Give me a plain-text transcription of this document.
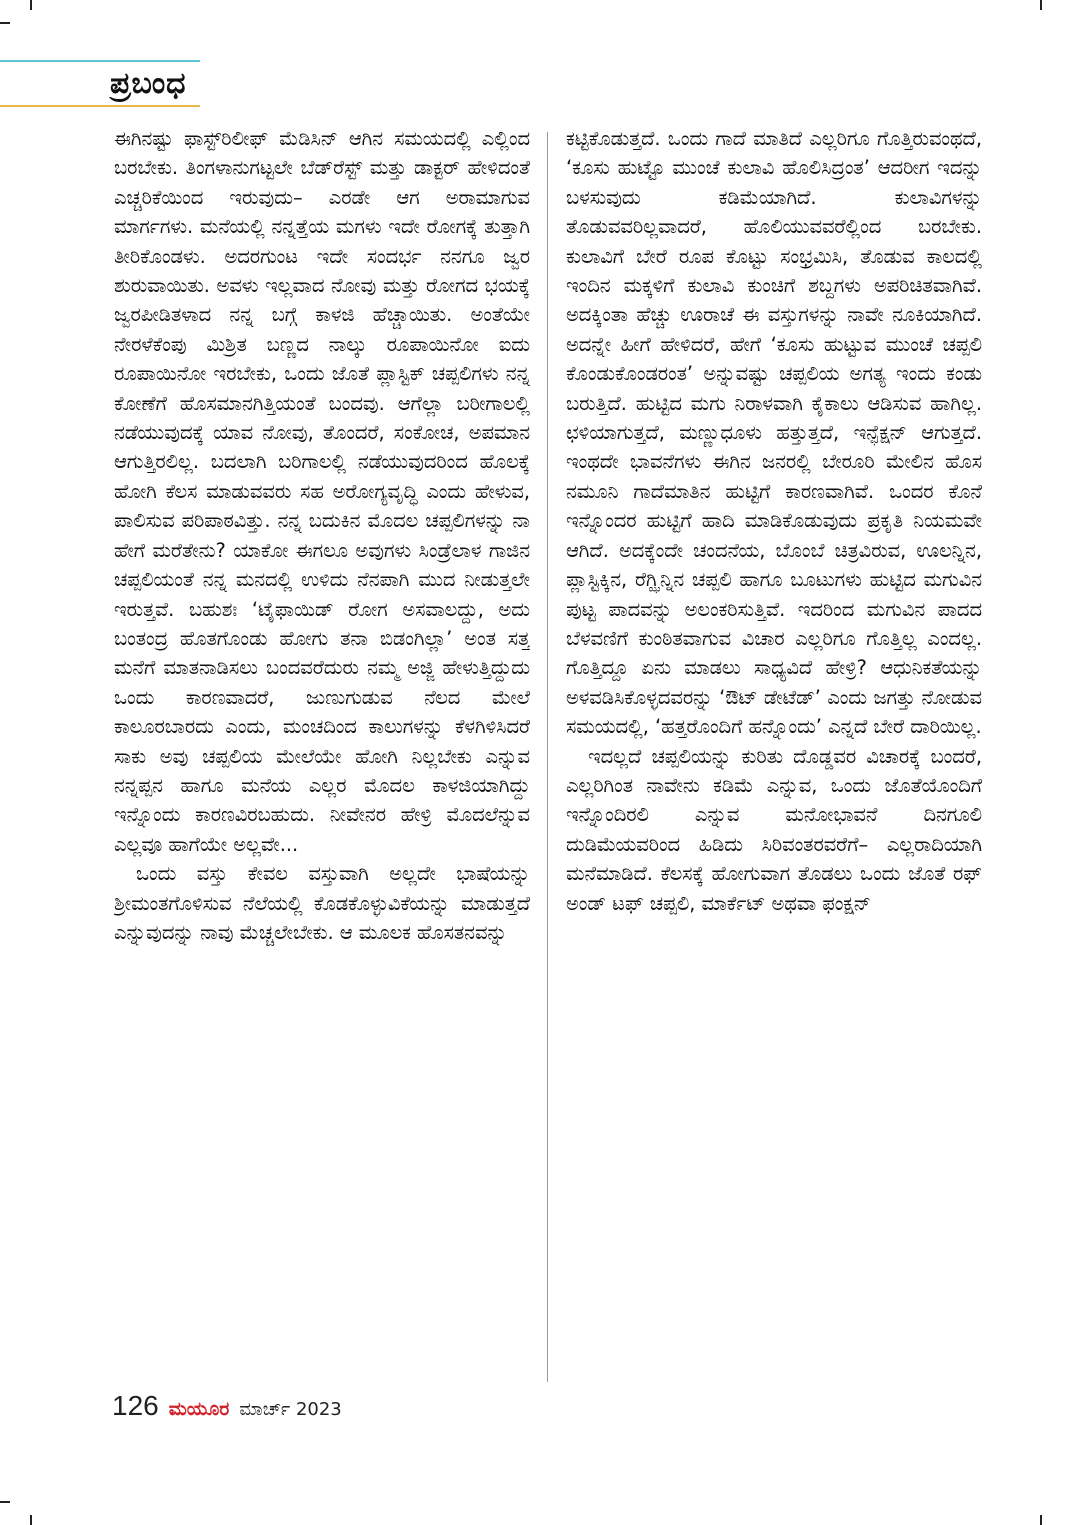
ಪ್ರಬಂಧ

ಈಗಿನಷ್ಟು ಫಾಸ್ಟ್‌ರಿಲೀಫ್ ಮೆಡಿಸಿನ್ ಆಗಿನ ಸಮಯದಲ್ಲಿ ಎಲ್ಲಿಂದ ಬರಬೇಕು. ತಿಂಗಳಾನುಗಟ್ಟಲೇ ಬೆಡ್‌ರೆಸ್ಟ್ ಮತ್ತು ಡಾಕ್ಟರ್ ಹೇಳಿದಂತೆ ಎಚ್ಚರಿಕೆಯಿಂದ ಇರುವುದು– ಎರಡೇ ಆಗ ಅರಾಮಾಗುವ ಮಾರ್ಗಗಳು. ಮನೆಯಲ್ಲಿ ನನ್ನತ್ತೆಯ ಮಗಳು ಇದೇ ರೋಗಕ್ಕೆ ತುತ್ತಾಗಿ ತೀರಿಕೊಂಡಳು. ಅದರಗುಂಟ ಇದೇ ಸಂದರ್ಭ ನನಗೂ ಜ್ವರ ಶುರುವಾಯಿತು. ಅವಳು ಇಲ್ಲವಾದ ನೋವು ಮತ್ತು ರೋಗದ ಭಯಕ್ಕೆ ಜ್ವರಪೀಡಿತಳಾದ ನನ್ನ ಬಗ್ಗೆ ಕಾಳಜಿ ಹೆಚ್ಚಾಯಿತು. ಅಂತೆಯೇ ನೇರಳೆಕೆಂಪು ಮಿಶ್ರಿತ ಬಣ್ಣದ ನಾಲ್ಕು ರೂಪಾಯಿನೋ ಐದು ರೂಪಾಯಿನೋ ಇರಬೇಕು, ಒಂದು ಜೊತೆ ಪ್ಲಾಸ್ಟಿಕ್ ಚಪ್ಪಲಿಗಳು ನನ್ನ ಕೋಣೆಗೆ ಹೊಸಮಾನಗಿತ್ತಿಯಂತೆ ಬಂದವು. ಆಗೆಲ್ಲಾ ಬರೀಗಾಲಲ್ಲಿ ನಡೆಯುವುದಕ್ಕೆ ಯಾವ ನೋವು, ತೊಂದರೆ, ಸಂಕೋಚ, ಅಪಮಾನ ಆಗುತ್ತಿರಲಿಲ್ಲ. ಬದಲಾಗಿ ಬರಿಗಾಲಲ್ಲಿ ನಡೆಯುವುದರಿಂದ ಹೊಲಕ್ಕೆ ಹೋಗಿ ಕೆಲಸ ಮಾಡುವವರು ಸಹ ಅರೋಗ್ಯವೃದ್ಧಿ ಎಂದು ಹೇಳುವ, ಪಾಲಿಸುವ ಪರಿಪಾಠವಿತ್ತು. ನನ್ನ ಬದುಕಿನ ಮೊದಲ ಚಪ್ಪಲಿಗಳನ್ನು ನಾ ಹೇಗೆ ಮರೆತೇನು? ಯಾಕೋ ಈಗಲೂ ಅವುಗಳು ಸಿಂಡ್ರೆಲಾಳ ಗಾಜಿನ ಚಪ್ಪಲಿಯಂತೆ ನನ್ನ ಮನದಲ್ಲಿ ಉಳಿದು ನೆನಪಾಗಿ ಮುದ ನೀಡುತ್ತಲೇ ಇರುತ್ತವೆ. ಬಹುಶಃ ‘ಟೈಫಾಯಿಡ್ ರೋಗ ಅಸವಾಲದ್ದು, ಅದು ಬಂತಂದ್ರ ಹೊತಗೊಂಡು ಹೋಗು ತನಾ ಬಿಡಂಗಿಲ್ಲಾ’ ಅಂತ ಸತ್ತ ಮನೆಗೆ ಮಾತನಾಡಿಸಲು ಬಂದವರೆದುರು ನಮ್ಮ ಅಜ್ಜಿ ಹೇಳುತ್ತಿದ್ದುದು ಒಂದು ಕಾರಣವಾದರೆ, ಜುಣುಗುಡುವ ನೆಲದ ಮೇಲೆ ಕಾಲೂರಬಾರದು ಎಂದು, ಮಂಚದಿಂದ ಕಾಲುಗಳನ್ನು ಕೆಳಗಿಳಿಸಿದರೆ ಸಾಕು ಅವು ಚಪ್ಪಲಿಯ ಮೇಲೆಯೇ ಹೋಗಿ ನಿಲ್ಲಬೇಕು ಎನ್ನುವ ನನ್ನಪ್ಪನ ಹಾಗೂ ಮನೆಯ ಎಲ್ಲರ ಮೊದಲ ಕಾಳಜಿಯಾಗಿದ್ದು ಇನ್ನೊಂದು ಕಾರಣವಿರಬಹುದು. ನೀವೇನರ ಹೇಳ್ರಿ ಮೊದಲೆನ್ನುವ ಎಲ್ಲವೂ ಹಾಗೆಯೇ ಅಲ್ಲವೇ...

ಒಂದು ವಸ್ತು ಕೇವಲ ವಸ್ತುವಾಗಿ ಅಲ್ಲದೇ ಭಾಷೆಯನ್ನು ಶ್ರೀಮಂತಗೊಳಿಸುವ ನೆಲೆಯಲ್ಲಿ ಕೊಡಕೊಳ್ಳುವಿಕೆಯನ್ನು ಮಾಡುತ್ತದೆ ಎನ್ನುವುದನ್ನು ನಾವು ಮೆಚ್ಚಲೇಬೇಕು. ಆ ಮೂಲಕ ಹೊಸತನವನ್ನು

ಕಟ್ಟಿಕೊಡುತ್ತದೆ. ಒಂದು ಗಾದೆ ಮಾತಿದೆ ಎಲ್ಲರಿಗೂ ಗೊತ್ತಿರುವಂಥದೆ, ‘ಕೂಸು ಹುಟ್ಟೊ ಮುಂಚೆ ಕುಲಾವಿ ಹೊಲಿಸಿದ್ರಂತ’ ಆದರೀಗ ಇದನ್ನು ಬಳಸುವುದು ಕಡಿಮೆಯಾಗಿದೆ. ಕುಲಾವಿಗಳನ್ನು ತೊಡುವವರಿಲ್ಲವಾದರೆ, ಹೊಲಿಯುವವರೆಲ್ಲಿಂದ ಬರಬೇಕು. ಕುಲಾವಿಗೆ ಬೇರೆ ರೂಪ ಕೊಟ್ಟು ಸಂಭ್ರಮಿಸಿ, ತೊಡುವ ಕಾಲದಲ್ಲಿ ಇಂದಿನ ಮಕ್ಕಳಿಗೆ ಕುಲಾವಿ ಕುಂಚಿಗೆ ಶಬ್ದಗಳು ಅಪರಿಚಿತವಾಗಿವೆ. ಅದಕ್ಕಿಂತಾ ಹೆಚ್ಚು ಊರಾಚೆ ಈ ವಸ್ತುಗಳನ್ನು ನಾವೇ ನೂಕಿಯಾಗಿದೆ. ಅದನ್ನೇ ಹೀಗೆ ಹೇಳಿದರೆ, ಹೇಗೆ ‘ಕೂಸು ಹುಟ್ಟುವ ಮುಂಚೆ ಚಪ್ಪಲಿ ಕೊಂಡುಕೊಂಡರಂತ’ ಅನ್ನುವಷ್ಟು ಚಪ್ಪಲಿಯ ಅಗತ್ಯ ಇಂದು ಕಂಡು ಬರುತ್ತಿದೆ. ಹುಟ್ಟಿದ ಮಗು ನಿರಾಳವಾಗಿ ಕೈಕಾಲು ಆಡಿಸುವ ಹಾಗಿಲ್ಲ. ಛಳಿಯಾಗುತ್ತದೆ, ಮಣ್ಣುಧೂಳು ಹತ್ತುತ್ತದೆ, ಇನ್ಫೆಕ್ಷನ್ ಆಗುತ್ತದೆ. ಇಂಥದೇ ಭಾವನೆಗಳು ಈಗಿನ ಜನರಲ್ಲಿ ಬೇರೂರಿ ಮೇಲಿನ ಹೊಸ ನಮೂನಿ ಗಾದೆಮಾತಿನ ಹುಟ್ಟಿಗೆ ಕಾರಣವಾಗಿವೆ. ಒಂದರ ಕೊನೆ ಇನ್ನೊಂದರ ಹುಟ್ಟಿಗೆ ಹಾದಿ ಮಾಡಿಕೊಡುವುದು ಪ್ರಕೃತಿ ನಿಯಮವೇ ಆಗಿದೆ. ಅದಕ್ಕೆಂದೇ ಚಂದನೆಯ, ಬೊಂಬೆ ಚಿತ್ರವಿರುವ, ಊಲನ್ನಿನ, ಪ್ಲಾಸ್ಟಿಕ್ಕಿನ, ರೆಗ್ಝಿನ್ನಿನ ಚಪ್ಪಲಿ ಹಾಗೂ ಬೂಟುಗಳು ಹುಟ್ಟಿದ ಮಗುವಿನ ಪುಟ್ಟ ಪಾದವನ್ನು ಅಲಂಕರಿಸುತ್ತಿವೆ. ಇದರಿಂದ ಮಗುವಿನ ಪಾದದ ಬೆಳವಣಿಗೆ ಕುಂಠಿತವಾಗುವ ವಿಚಾರ ಎಲ್ಲರಿಗೂ ಗೊತ್ತಿಲ್ಲ ಎಂದಲ್ಲ. ಗೊತ್ತಿದ್ದೂ ಏನು ಮಾಡಲು ಸಾಧ್ಯವಿದೆ ಹೇಳ್ರಿ? ಆಧುನಿಕತೆಯನ್ನು ಅಳವಡಿಸಿಕೊಳ್ಳದವರನ್ನು ‘ಔಟ್ ಡೇಟೆಡ್’ ಎಂದು ಜಗತ್ತು ನೋಡುವ ಸಮಯದಲ್ಲಿ, ‘ಹತ್ತರೊಂದಿಗೆ ಹನ್ನೊಂದು’ ಎನ್ನದೆ ಬೇರೆ ದಾರಿಯಿಲ್ಲ.

ಇದಲ್ಲದೆ ಚಪ್ಪಲಿಯನ್ನು ಕುರಿತು ದೊಡ್ಡವರ ವಿಚಾರಕ್ಕೆ ಬಂದರೆ, ಎಲ್ಲರಿಗಿಂತ ನಾವೇನು ಕಡಿಮೆ ಎನ್ನುವ, ಒಂದು ಜೊತೆಯೊಂದಿಗೆ ಇನ್ನೊಂದಿರಲಿ ಎನ್ನುವ ಮನೋಭಾವನೆ ದಿನಗೂಲಿ ದುಡಿಮೆಯವರಿಂದ ಹಿಡಿದು ಸಿರಿವಂತರವರೆಗೆ– ಎಲ್ಲರಾದಿಯಾಗಿ ಮನೆಮಾಡಿದೆ. ಕೆಲಸಕ್ಕೆ ಹೋಗುವಾಗ ತೊಡಲು ಒಂದು ಜೊತೆ ರಫ್ ಅಂಡ್ ಟಫ್ ಚಪ್ಪಲಿ, ಮಾರ್ಕೆಟ್ ಅಥವಾ ಫಂಕ್ಷನ್

126 ಮಯೂರ ಮಾರ್ಚ್ 2023
